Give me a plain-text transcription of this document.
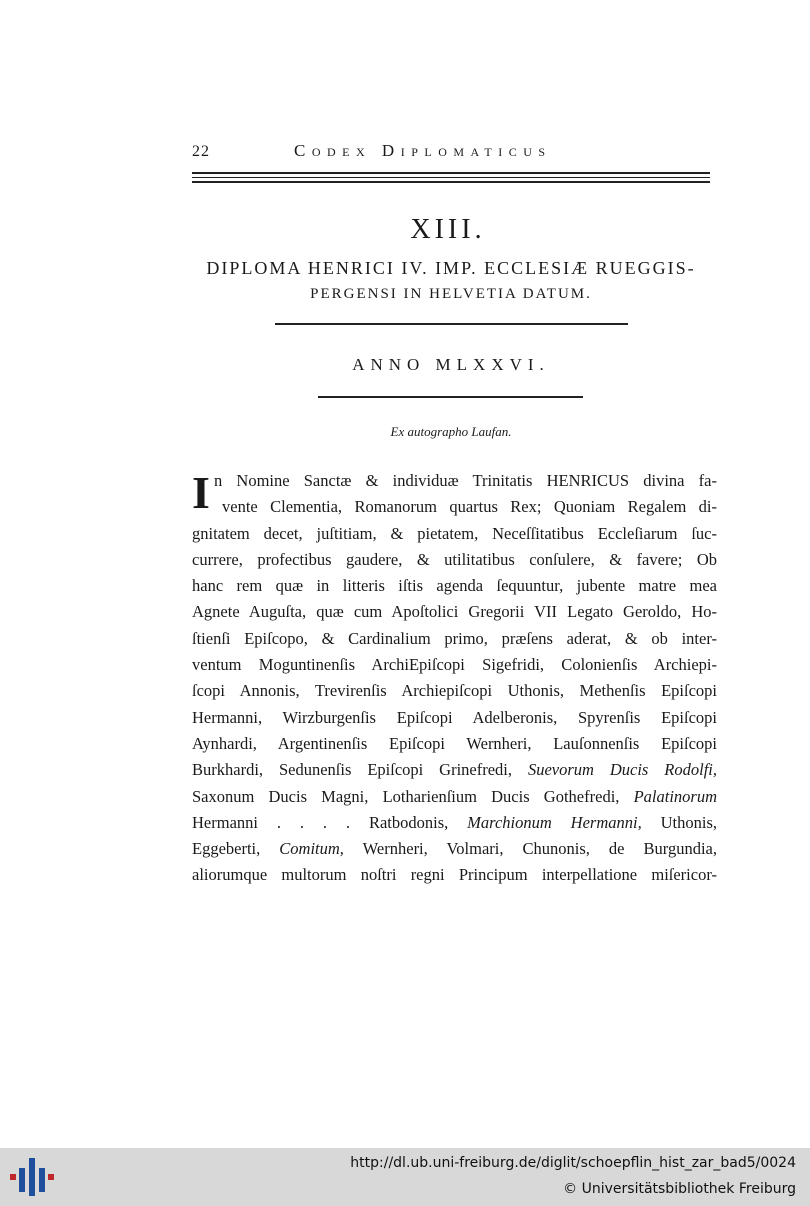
22	Codex Diplomaticus
XIII.
DIPLOMA HENRICI IV. IMP. ECCLESIÆ RUEGGIS-
PERGENSI IN HELVETIA DATUM.
ANNO MLXXVI.
Ex autographo Laufan.
I n Nomine Sanctæ & individuæ Trinitatis HENRICUS divina fa-
vente Clementia, Romanorum quartus Rex; Quoniam Regalem di-
gnitatem decet, juſtitiam, & pietatem, Neceſſitatibus Eccleſiarum ſuc-
currere, profectibus gaudere, & utilitatibus conſulere, & favere; Ob
hanc rem quæ in litteris iſtis agenda ſequuntur, jubente matre mea
Agnete Auguſta, quæ cum Apoſtolici Gregorii VII Legato Geroldo, Ho-
ſtienſi Epiſcopo, & Cardinalium primo, præſens aderat, & ob inter-
ventum Moguntinenſis ArchiEpiſcopi Sigefridi, Colonienſis Archiepi-
ſcopi Annonis, Trevirenſis Archiepiſcopi Uthonis, Methenſis Epiſcopi
Hermanni, Wirzburgenſis Epiſcopi Adelberonis, Spyrenſis Epiſcopi
Aynhardi, Argentinenſis Epiſcopi Wernheri, Lauſonnenſis Epiſcopi
Burkhardi, Sedunenſis Epiſcopi Grinefredi, Suevorum Ducis Rodolfi,
Saxonum Ducis Magni, Lotharienſium Ducis Gothefredi, Palatinorum
Hermanni . . . . Ratbodonis, Marchionum Hermanni, Uthonis,
Eggeberti, Comitum, Wernheri, Volmari, Chunonis, de Burgundia,
aliorumque multorum noſtri regni Principum interpellatione miſericor-
http://dl.ub.uni-freiburg.de/diglit/schoepflin_hist_zar_bad5/0024
© Universitätsbibliothek Freiburg
